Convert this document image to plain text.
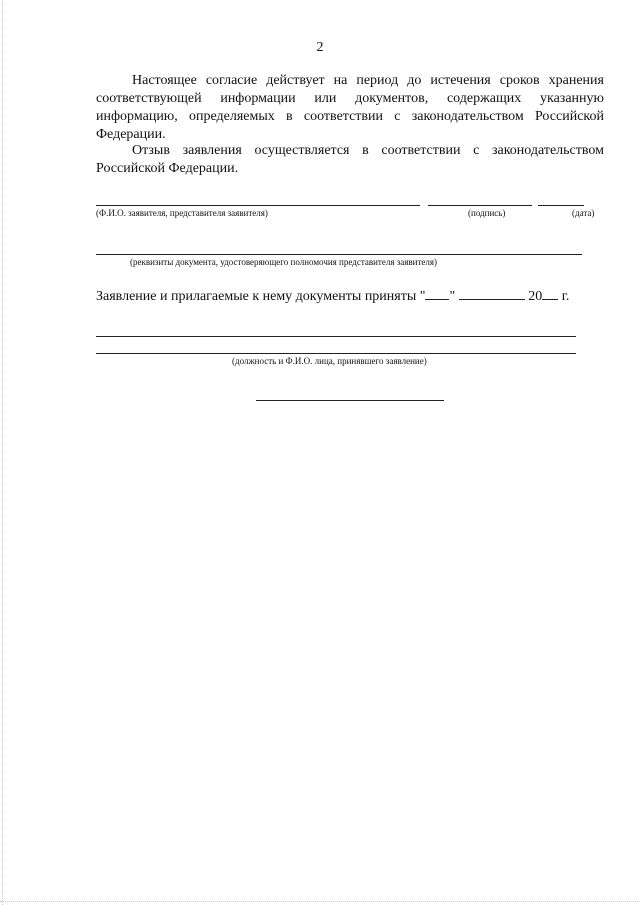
2

Настоящее согласие действует на период до истечения сроков хранения соответствующей информации или документов, содержащих указанную информацию, определяемых в соответствии с законодательством Российской Федерации.

Отзыв заявления осуществляется в соответствии с законодательством Российской Федерации.

(Ф.И.О. заявителя, представителя заявителя)	(подпись)	(дата)
(реквизиты документа, удостоверяющего полномочия представителя заявителя)
Заявление и прилагаемые к нему документы приняты " "	20 г.
(должность и Ф.И.О. лица, принявшего заявление)
